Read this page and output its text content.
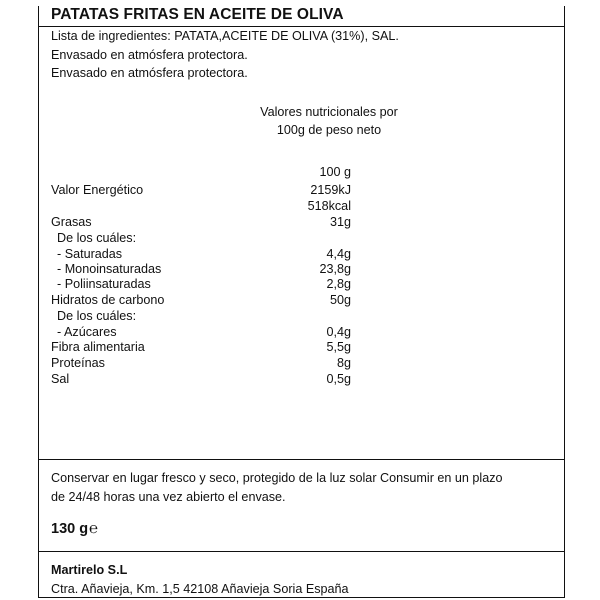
PATATAS FRITAS EN ACEITE DE OLIVA
Lista de ingredientes: PATATA,ACEITE DE OLIVA (31%), SAL.
Envasado en atmósfera protectora.
Envasado en atmósfera protectora.
Valores nutricionales por
100g de peso neto
100 g
Valor Energético	2159kJ
518kcal
Grasas	31g
De los cuáles:
- Saturadas	4,4g
- Monoinsaturadas	23,8g
- Poliinsaturadas	2,8g
Hidratos de carbono	50g
De los cuáles:
- Azúcares	0,4g
Fibra alimentaria	5,5g
Proteínas	8g
Sal	0,5g
Conservar en lugar fresco y seco, protegido de la luz solar Consumir en un plazo
de 24/48 horas una vez abierto el envase.
130 g℮
Martirelo S.L
Ctra. Añavieja, Km. 1,5 42108 Añavieja Soria España
